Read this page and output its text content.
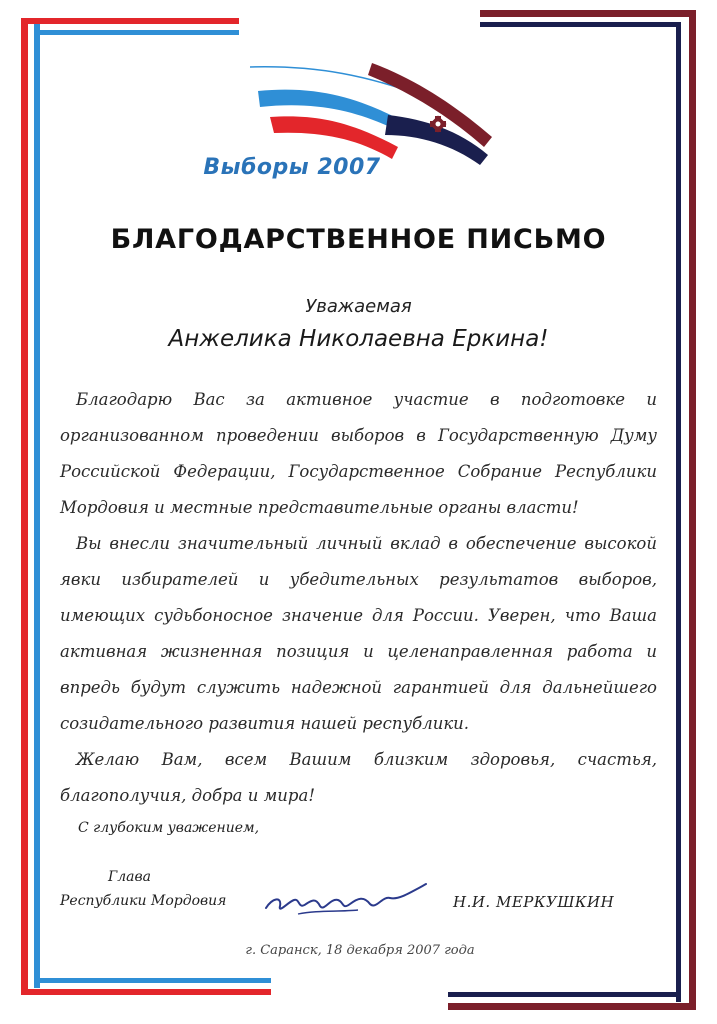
Выборы 2007
БЛАГОДАРСТВЕННОЕ ПИСЬМО
Уважаемая
Анжелика Николаевна Еркина!

Благодарю Вас за активное участие в подготовке и организованном проведении выборов в Государственную Думу Российской Федерации, Государственное Собрание Республики Мордовия и местные представительные органы власти!

Вы внесли значительный личный вклад в обеспечение высокой явки избирателей и убедительных результатов выборов, имеющих судьбоносное значение для России. Уверен, что Ваша активная жизненная позиция и целенаправленная работа и впредь будут служить надежной гарантией для дальнейшего созидательного развития нашей республики.

Желаю Вам, всем Вашим близким здоровья, счастья, благополучия, добра и мира!

С глубоким уважением,
Глава
Республики Мордовия	Н.И. МЕРКУШКИН
г. Саранск, 18 декабря 2007 года
